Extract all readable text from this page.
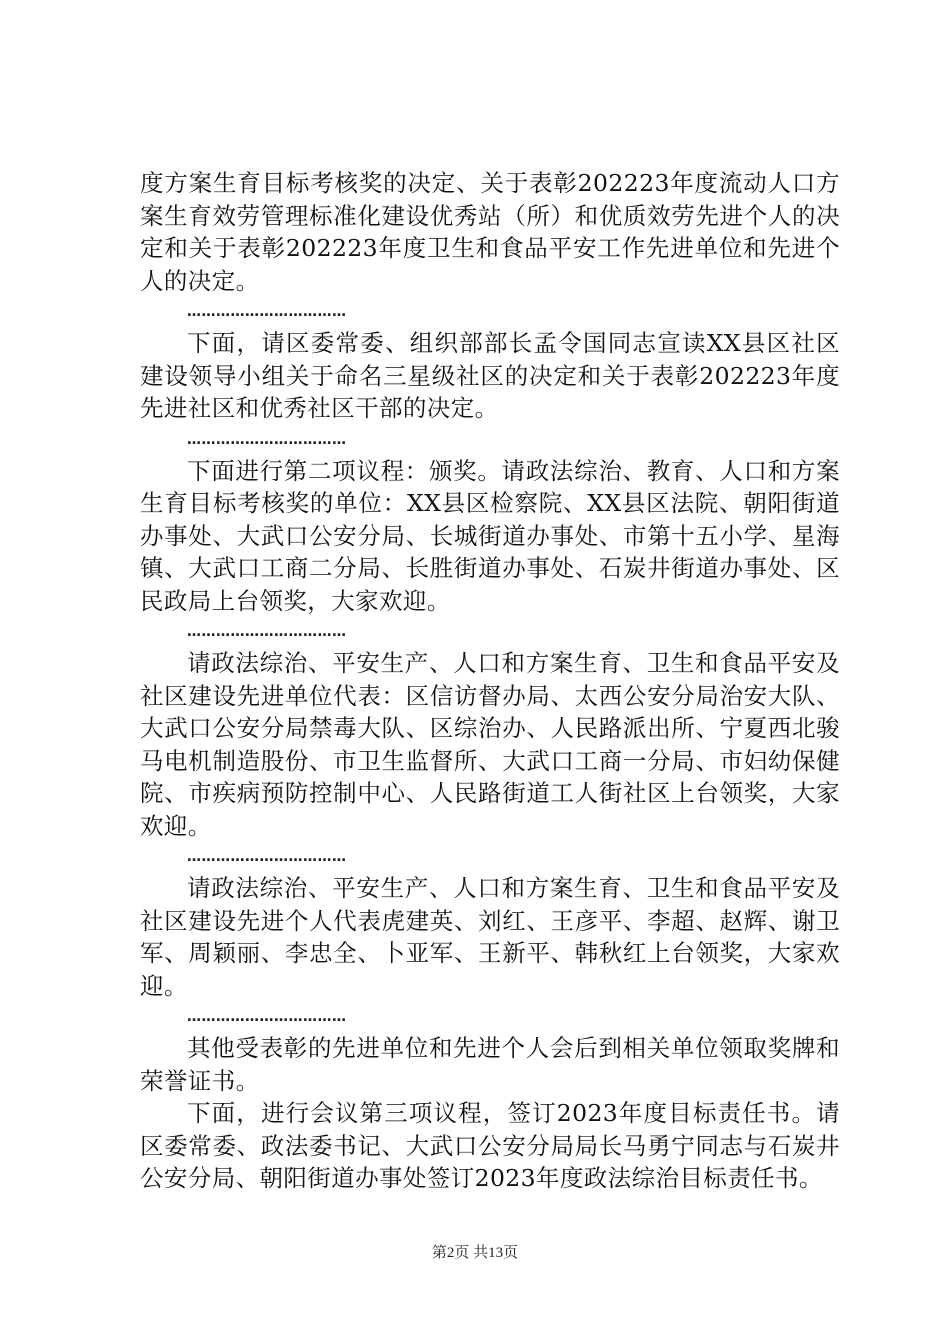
度方案生育目标考核奖的决定、关于表彰202223年度流动人口方案生育效劳管理标准化建设优秀站（所）和优质效劳先进个人的决定和关于表彰202223年度卫生和食品平安工作先进单位和先进个人的决定。

……………………………

下面，请区委常委、组织部部长孟令国同志宣读XX县区社区建设领导小组关于命名三星级社区的决定和关于表彰202223年度先进社区和优秀社区干部的决定。

……………………………

下面进行第二项议程：颁奖。请政法综治、教育、人口和方案生育目标考核奖的单位：XX县区检察院、XX县区法院、朝阳街道办事处、大武口公安分局、长城街道办事处、市第十五小学、星海镇、大武口工商二分局、长胜街道办事处、石炭井街道办事处、区民政局上台领奖，大家欢迎。

……………………………

请政法综治、平安生产、人口和方案生育、卫生和食品平安及社区建设先进单位代表：区信访督办局、太西公安分局治安大队、大武口公安分局禁毒大队、区综治办、人民路派出所、宁夏西北骏马电机制造股份、市卫生监督所、大武口工商一分局、市妇幼保健院、市疾病预防控制中心、人民路街道工人街社区上台领奖，大家欢迎。

……………………………

请政法综治、平安生产、人口和方案生育、卫生和食品平安及社区建设先进个人代表虎建英、刘红、王彦平、李超、赵辉、谢卫军、周颖丽、李忠全、卜亚军、王新平、韩秋红上台领奖，大家欢迎。

……………………………

其他受表彰的先进单位和先进个人会后到相关单位领取奖牌和荣誉证书。

下面，进行会议第三项议程，签订2023年度目标责任书。请区委常委、政法委书记、大武口公安分局局长马勇宁同志与石炭井公安分局、朝阳街道办事处签订2023年度政法综治目标责任书。

第2页 共13页
